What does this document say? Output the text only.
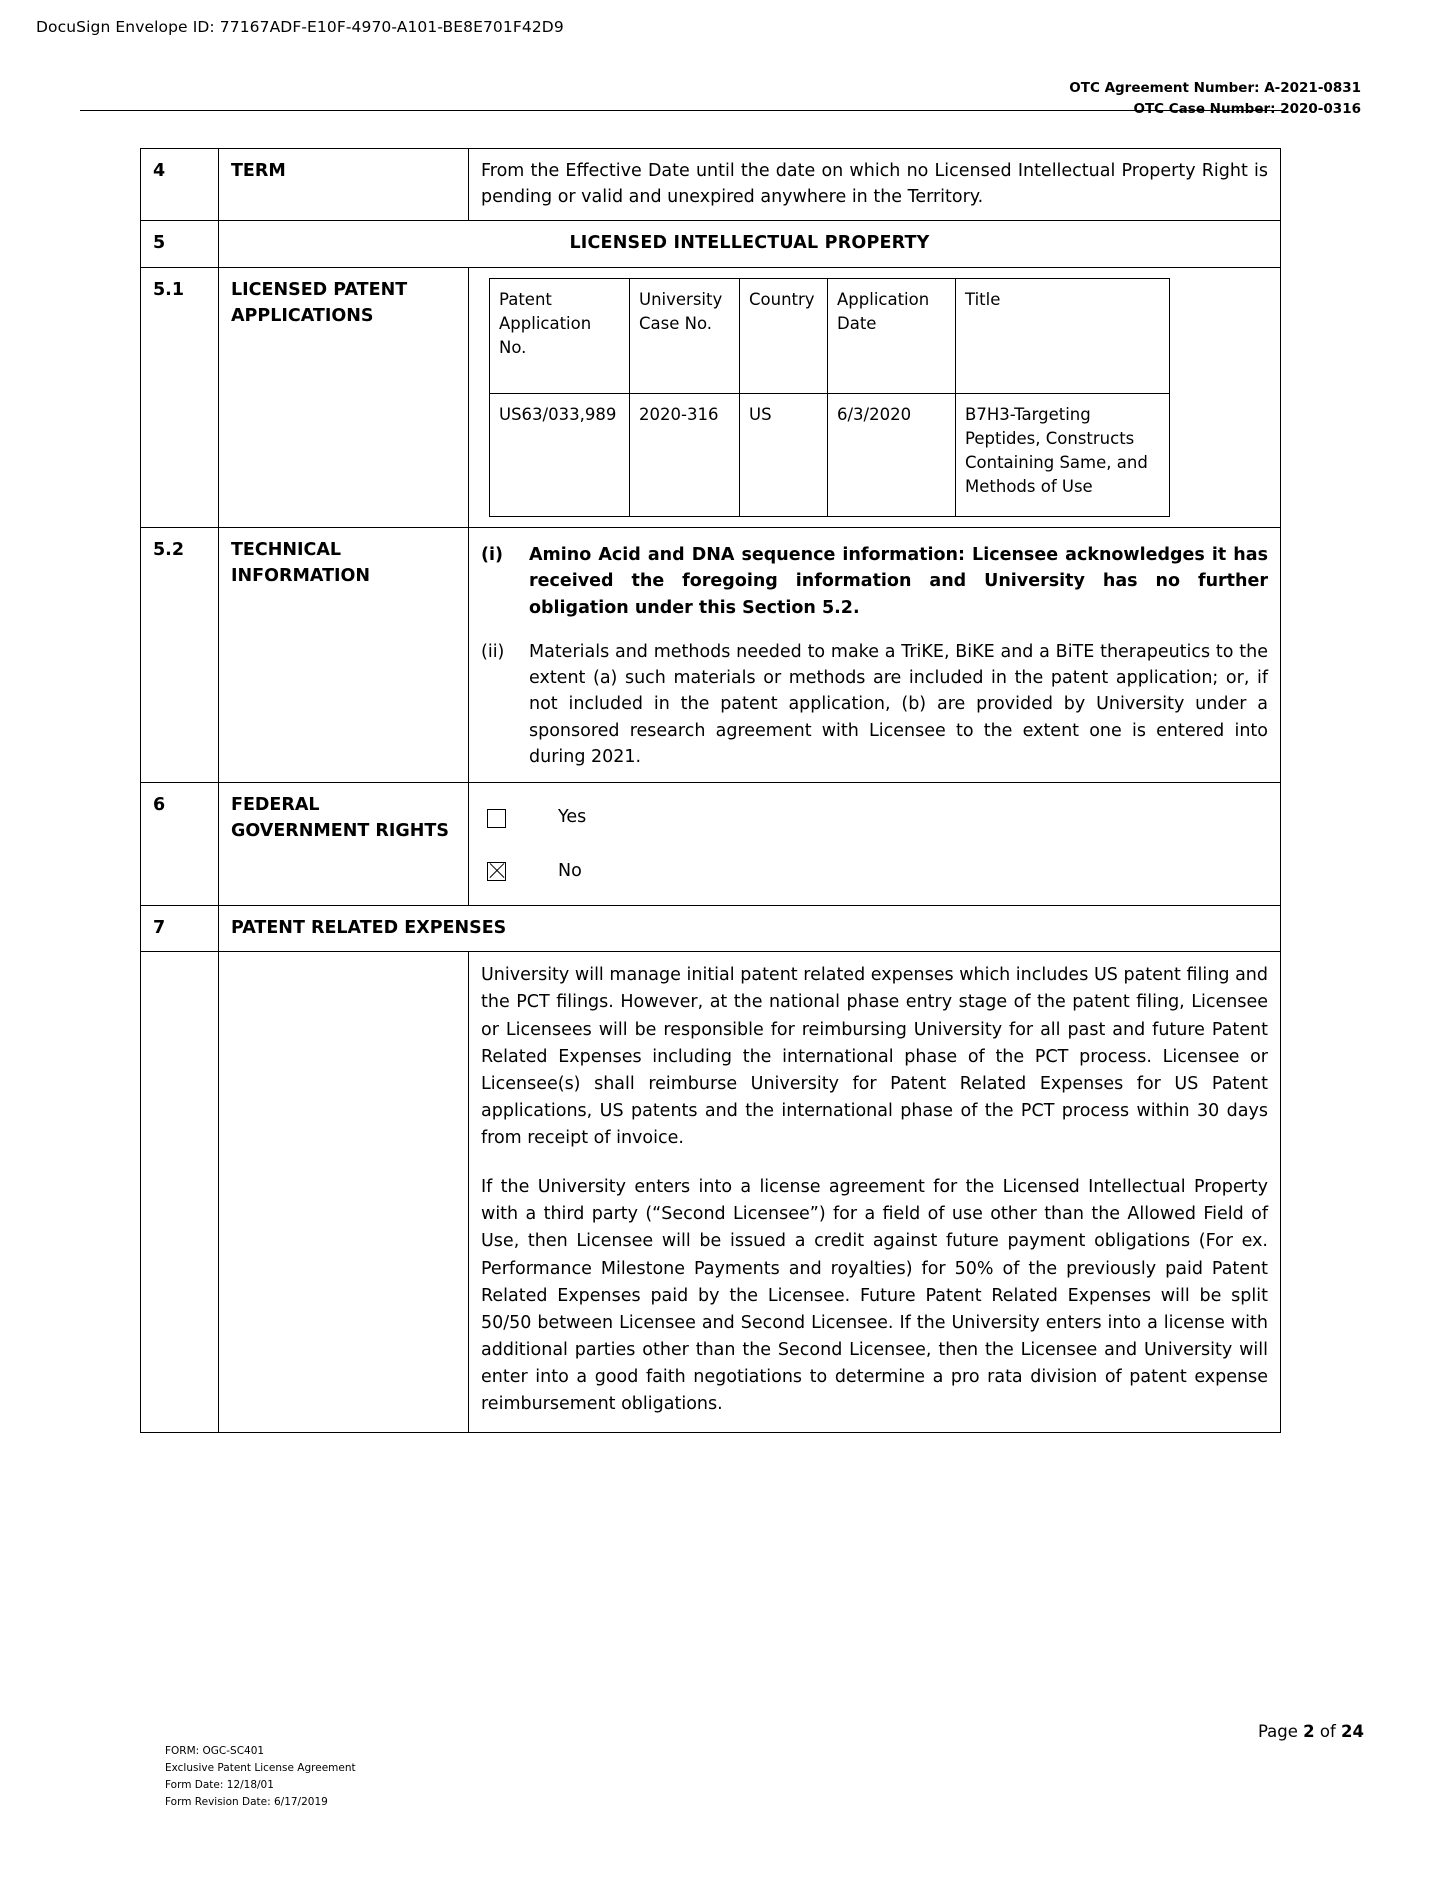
DocuSign Envelope ID: 77167ADF-E10F-4970-A101-BE8E701F42D9
OTC Agreement Number: A-2021-0831
OTC Case Number: 2020-0316
4	TERM	From the Effective Date until the date on which no Licensed Intellectual Property Right is pending or valid and unexpired anywhere in the Territory.
5	LICENSED INTELLECTUAL PROPERTY
5.1	LICENSED PATENT APPLICATIONS	
Patent Application No.	University Case No.	Country	Application Date	Title
US63/033,989	2020-316	US	6/3/2020	B7H3-Targeting Peptides, Constructs Containing Same, and Methods of Use

5.2	TECHNICAL INFORMATION	
(i)	Amino Acid and DNA sequence information: Licensee acknowledges it has received the foregoing information and University has no further obligation under this Section 5.2.
(ii)	Materials and methods needed to make a TriKE, BiKE and a BiTE therapeutics to the extent (a) such materials or methods are included in the patent application; or, if not included in the patent application, (b) are provided by University under a sponsored research agreement with Licensee to the extent one is entered into during 2021.

6	FEDERAL GOVERNMENT RIGHTS	
Yes
No

7	PATENT RELATED EXPENSES

University will manage initial patent related expenses which includes US patent filing and the PCT filings. However, at the national phase entry stage of the patent filing, Licensee or Licensees will be responsible for reimbursing University for all past and future Patent Related Expenses including the international phase of the PCT process. Licensee or Licensee(s) shall reimburse University for Patent Related Expenses for US Patent applications, US patents and the international phase of the PCT process within 30 days from receipt of invoice.

If the University enters into a license agreement for the Licensed Intellectual Property with a third party (“Second Licensee”) for a field of use other than the Allowed Field of Use, then Licensee will be issued a credit against future payment obligations (For ex. Performance Milestone Payments and royalties) for 50% of the previously paid Patent Related Expenses paid by the Licensee. Future Patent Related Expenses will be split 50/50 between Licensee and Second Licensee. If the University enters into a license with additional parties other than the Second Licensee, then the Licensee and University will enter into a good faith negotiations to determine a pro rata division of patent expense reimbursement obligations.

Page 2 of 24
FORM: OGC-SC401
Exclusive Patent License Agreement
Form Date: 12/18/01
Form Revision Date: 6/17/2019
